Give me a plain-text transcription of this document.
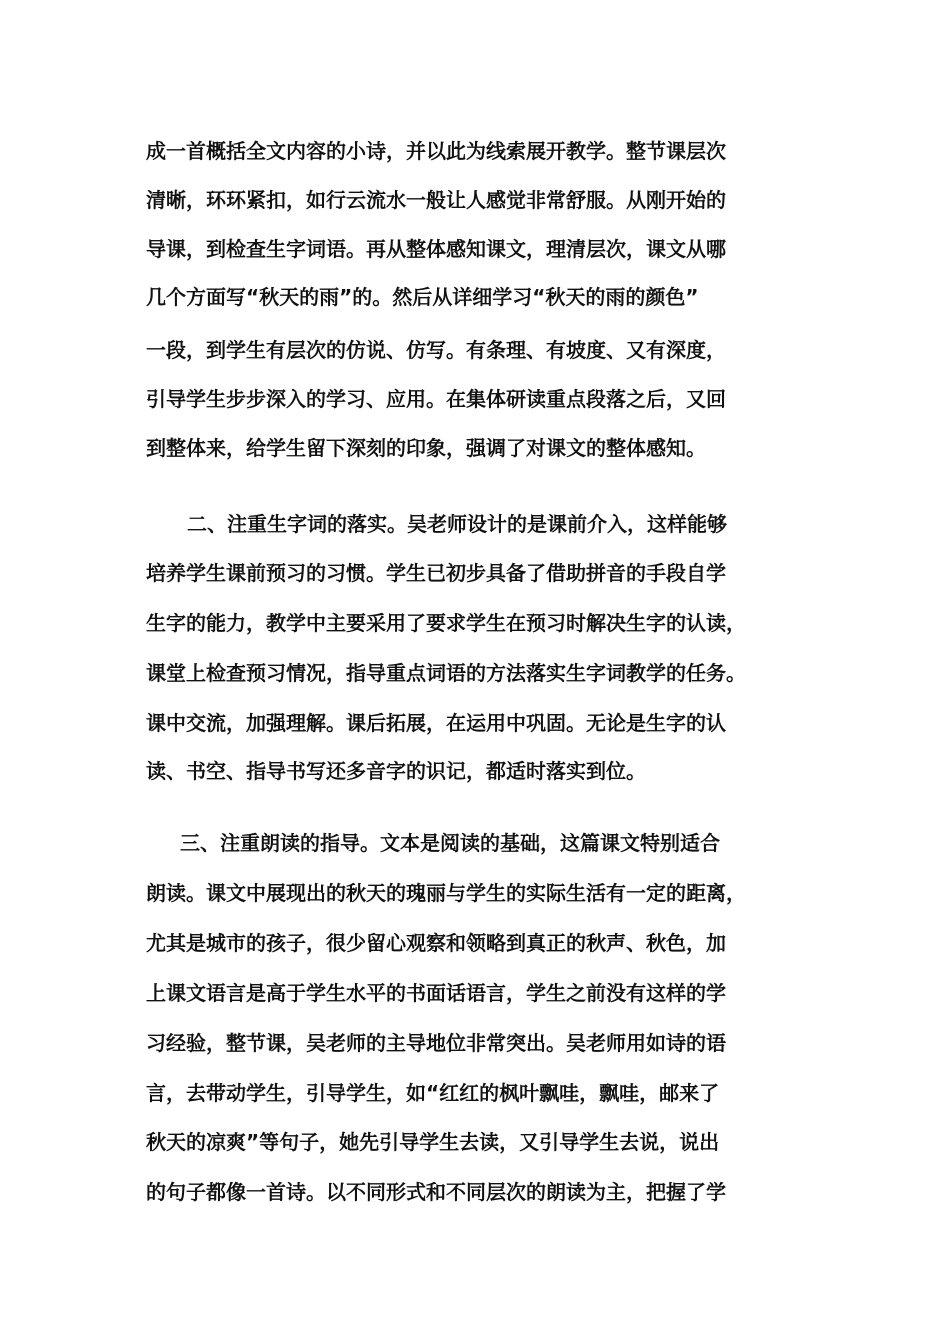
成一首概括全文内容的小诗，并以此为线索展开教学。整节课层次
清晰，环环紧扣，如行云流水一般让人感觉非常舒服。从刚开始的
导课，到检查生字词语。再从整体感知课文，理清层次，课文从哪
几个方面写“秋天的雨”的。然后从详细学习“秋天的雨的颜色”
一段，到学生有层次的仿说、仿写。有条理、有坡度、又有深度，
引导学生步步深入的学习、应用。在集体研读重点段落之后，又回
到整体来，给学生留下深刻的印象，强调了对课文的整体感知。
二、注重生字词的落实。吴老师设计的是课前介入，这样能够
培养学生课前预习的习惯。学生已初步具备了借助拼音的手段自学
生字的能力，教学中主要采用了要求学生在预习时解决生字的认读，
课堂上检查预习情况，指导重点词语的方法落实生字词教学的任务。
课中交流，加强理解。课后拓展，在运用中巩固。无论是生字的认
读、书空、指导书写还多音字的识记，都适时落实到位。
三、注重朗读的指导。文本是阅读的基础，这篇课文特别适合
朗读。课文中展现出的秋天的瑰丽与学生的实际生活有一定的距离，
尤其是城市的孩子，很少留心观察和领略到真正的秋声、秋色，加
上课文语言是高于学生水平的书面话语言，学生之前没有这样的学
习经验，整节课，吴老师的主导地位非常突出。吴老师用如诗的语
言，去带动学生，引导学生，如“红红的枫叶飘哇，飘哇，邮来了
秋天的凉爽”等句子，她先引导学生去读，又引导学生去说，说出
的句子都像一首诗。以不同形式和不同层次的朗读为主，把握了学
